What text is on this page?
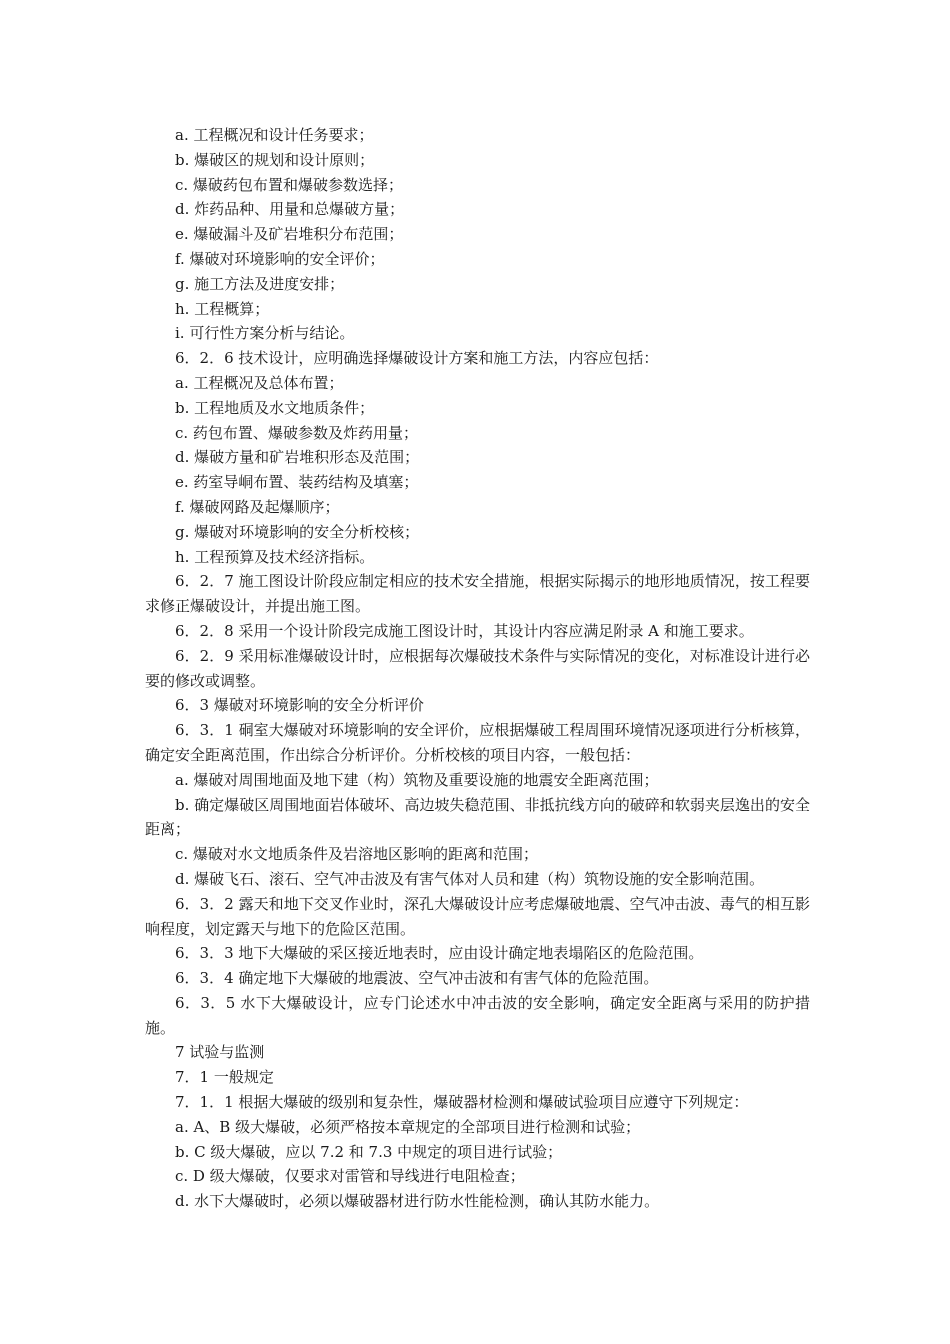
a. 工程概况和设计任务要求；

b. 爆破区的规划和设计原则；

c. 爆破药包布置和爆破参数选择；

d. 炸药品种、用量和总爆破方量；

e. 爆破漏斗及矿岩堆积分布范围；

f. 爆破对环境影响的安全评价；

g. 施工方法及进度安排；

h. 工程概算；

i. 可行性方案分析与结论。

6．2．6 技术设计，应明确选择爆破设计方案和施工方法，内容应包括：

a. 工程概况及总体布置；

b. 工程地质及水文地质条件；

c. 药包布置、爆破参数及炸药用量；

d. 爆破方量和矿岩堆积形态及范围；

e. 药室导峒布置、装药结构及填塞；

f. 爆破网路及起爆顺序；

g. 爆破对环境影响的安全分析校核；

h. 工程预算及技术经济指标。

6．2．7 施工图设计阶段应制定相应的技术安全措施，根据实际揭示的地形地质情况，按工程要求修正爆破设计，并提出施工图。

6．2．8 采用一个设计阶段完成施工图设计时，其设计内容应满足附录 A 和施工要求。

6．2．9 采用标准爆破设计时，应根据每次爆破技术条件与实际情况的变化，对标准设计进行必要的修改或调整。

6．3 爆破对环境影响的安全分析评价

6．3．1 硐室大爆破对环境影响的安全评价，应根据爆破工程周围环境情况逐项进行分析核算，确定安全距离范围，作出综合分析评价。分析校核的项目内容，一般包括：

a. 爆破对周围地面及地下建（构）筑物及重要设施的地震安全距离范围；

b. 确定爆破区周围地面岩体破坏、高边坡失稳范围、非抵抗线方向的破碎和软弱夹层逸出的安全距离；

c. 爆破对水文地质条件及岩溶地区影响的距离和范围；

d. 爆破飞石、滚石、空气冲击波及有害气体对人员和建（构）筑物设施的安全影响范围。

6．3．2 露天和地下交叉作业时，深孔大爆破设计应考虑爆破地震、空气冲击波、毒气的相互影响程度，划定露天与地下的危险区范围。

6．3．3 地下大爆破的采区接近地表时，应由设计确定地表塌陷区的危险范围。

6．3．4 确定地下大爆破的地震波、空气冲击波和有害气体的危险范围。

6．3．5 水下大爆破设计，应专门论述水中冲击波的安全影响，确定安全距离与采用的防护措施。

7 试验与监测

7．1 一般规定

7．1．1 根据大爆破的级别和复杂性，爆破器材检测和爆破试验项目应遵守下列规定：

a. A、B 级大爆破，必须严格按本章规定的全部项目进行检测和试验；

b. C 级大爆破，应以 7.2 和 7.3 中规定的项目进行试验；

c. D 级大爆破，仅要求对雷管和导线进行电阻检查；

d. 水下大爆破时，必须以爆破器材进行防水性能检测，确认其防水能力。
